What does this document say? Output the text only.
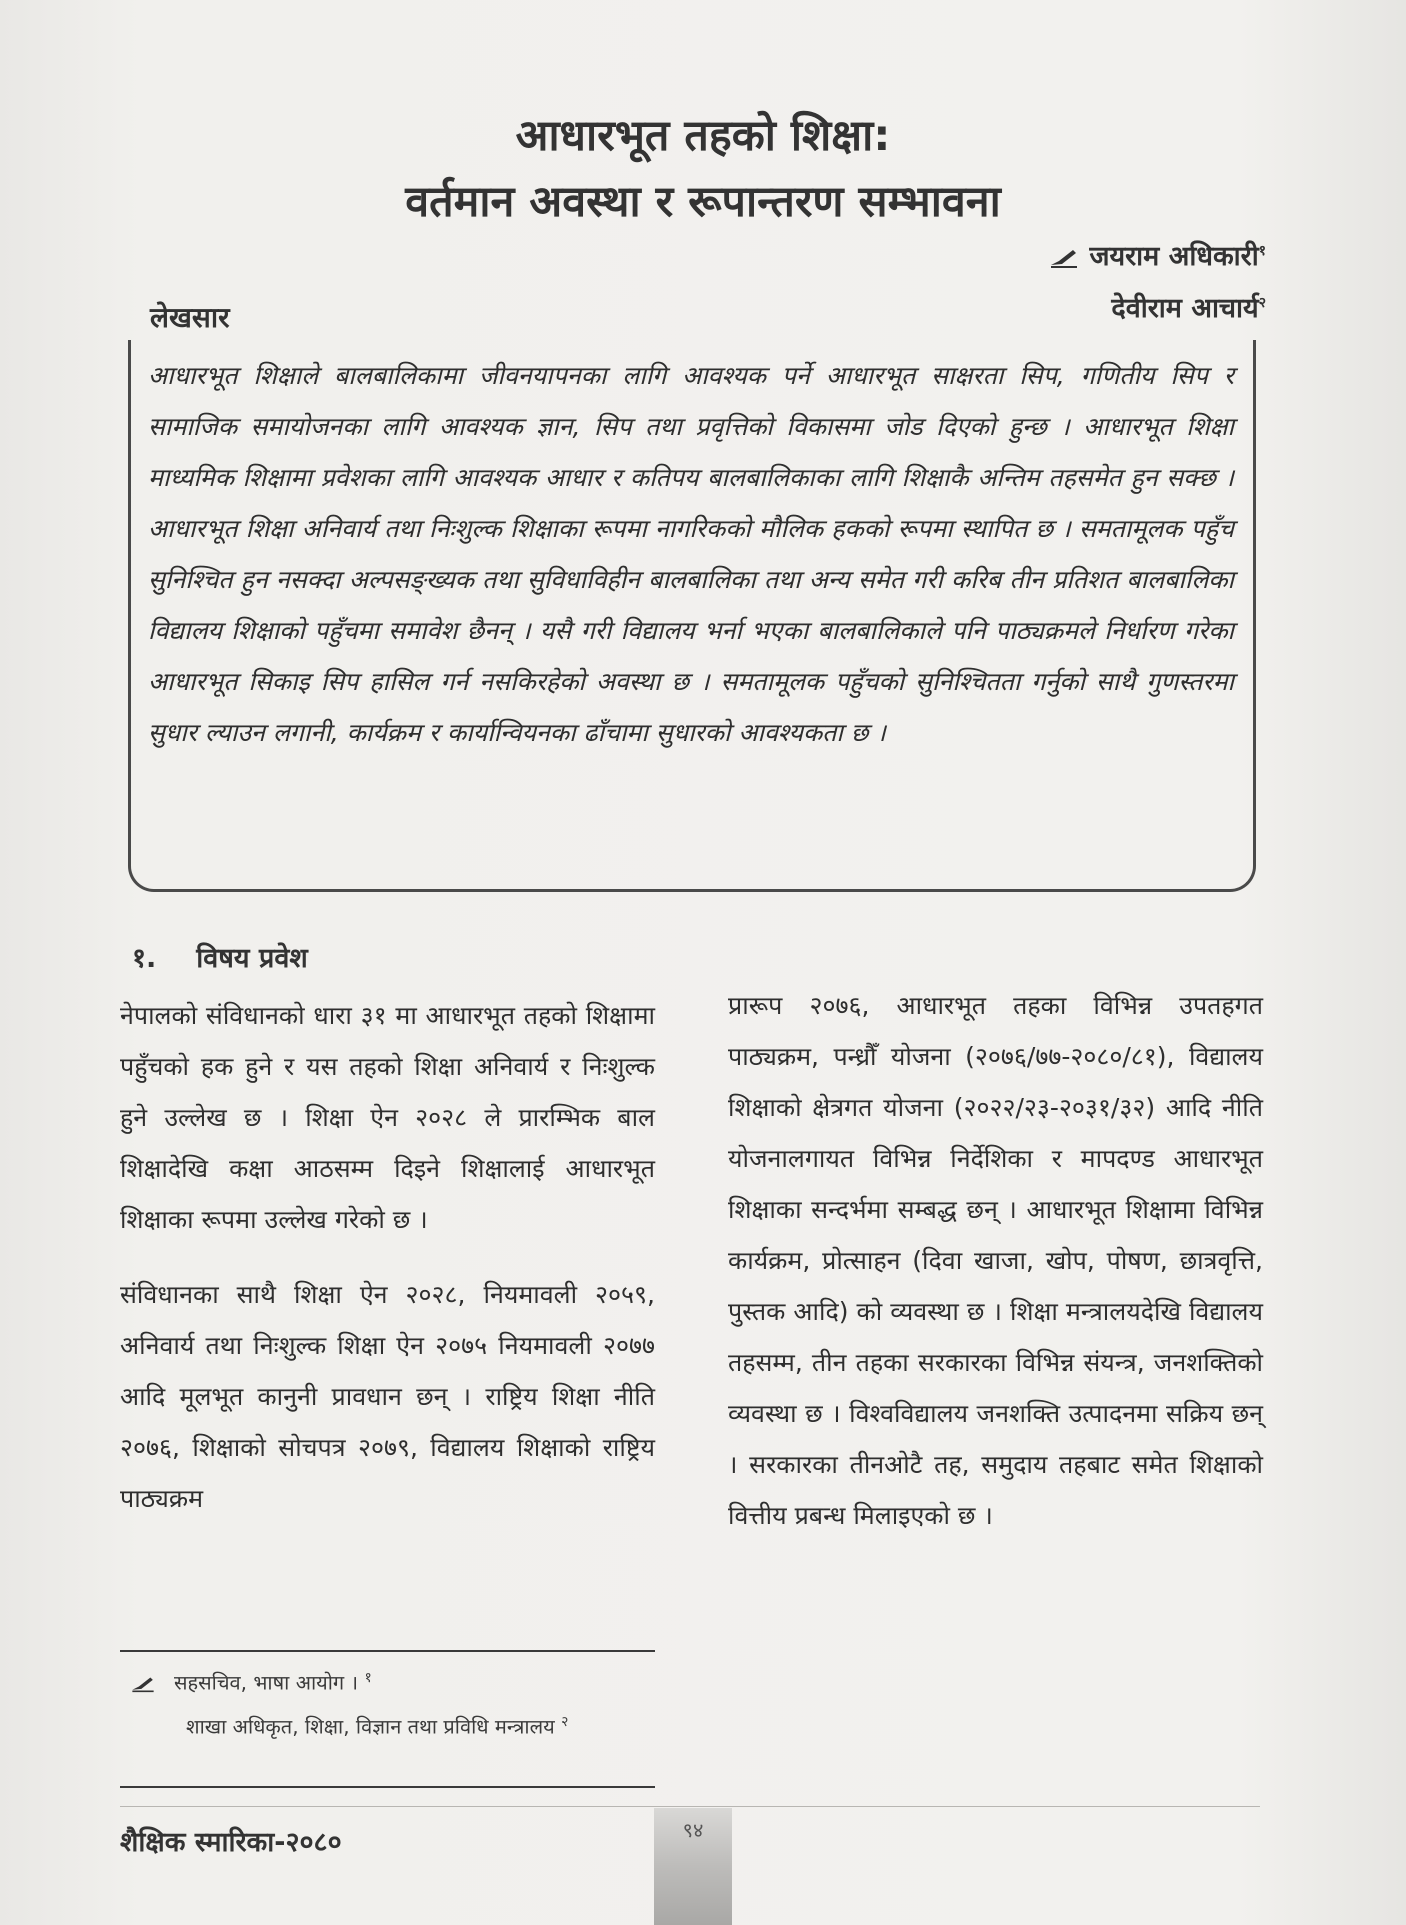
आधारभूत तहको शिक्षा:
वर्तमान अवस्था र रूपान्तरण सम्भावना
जयराम अधिकारी$^१$
देवीराम आचार्य$^२$
लेखसार
आधारभूत शिक्षाले बालबालिकामा जीवनयापनका लागि आवश्यक पर्ने आधारभूत साक्षरता सिप, गणितीय सिप र सामाजिक समायोजनका लागि आवश्यक ज्ञान, सिप तथा प्रवृत्तिको विकासमा जोड दिएको हुन्छ । आधारभूत शिक्षा माध्यमिक शिक्षामा प्रवेशका लागि आवश्यक आधार र कतिपय बालबालिकाका लागि शिक्षाकै अन्तिम तहसमेत हुन सक्छ । आधारभूत शिक्षा अनिवार्य तथा निःशुल्क शिक्षाका रूपमा नागरिकको मौलिक हकको रूपमा स्थापित छ । समतामूलक पहुँच सुनिश्चित हुन नसक्दा अल्पसङ्ख्यक तथा सुविधाविहीन बालबालिका तथा अन्य समेत गरी करिब तीन प्रतिशत बालबालिका विद्यालय शिक्षाको पहुँचमा समावेश छैनन् । यसै गरी विद्यालय भर्ना भएका बालबालिकाले पनि पाठ्यक्रमले निर्धारण गरेका आधारभूत सिकाइ सिप हासिल गर्न नसकिरहेको अवस्था छ । समतामूलक पहुँचको सुनिश्चितता गर्नुको साथै गुणस्तरमा सुधार ल्याउन लगानी, कार्यक्रम र कार्यान्वियनका ढाँचामा सुधारको आवश्यकता छ ।
१. विषय प्रवेश

नेपालको संविधानको धारा ३१ मा आधारभूत तहको शिक्षामा पहुँचको हक हुने र यस तहको शिक्षा अनिवार्य र निःशुल्क हुने उल्लेख छ । शिक्षा ऐन २०२८ ले प्रारम्भिक बाल शिक्षादेखि कक्षा आठसम्म दिइने शिक्षालाई आधारभूत शिक्षाका रूपमा उल्लेख गरेको छ ।

संविधानका साथै शिक्षा ऐन २०२८, नियमावली २०५९, अनिवार्य तथा निःशुल्क शिक्षा ऐन २०७५ नियमावली २०७७ आदि मूलभूत कानुनी प्रावधान छन् । राष्ट्रिय शिक्षा नीति २०७६, शिक्षाको सोचपत्र २०७९, विद्यालय शिक्षाको राष्ट्रिय पाठ्यक्रम

प्रारूप २०७६, आधारभूत तहका विभिन्न उपतहगत पाठ्यक्रम, पन्ध्रौँ योजना (२०७६/७७-२०८०/८१), विद्यालय शिक्षाको क्षेत्रगत योजना (२०२२/२३-२०३१/३२) आदि नीति योजनालगायत विभिन्न निर्देशिका र मापदण्ड आधारभूत शिक्षाका सन्दर्भमा सम्बद्ध छन् । आधारभूत शिक्षामा विभिन्न कार्यक्रम, प्रोत्साहन (दिवा खाजा, खोप, पोषण, छात्रवृत्ति, पुस्तक आदि) को व्यवस्था छ । शिक्षा मन्त्रालयदेखि विद्यालय तहसम्म, तीन तहका सरकारका विभिन्न संयन्त्र, जनशक्तिको व्यवस्था छ । विश्वविद्यालय जनशक्ति उत्पादनमा सक्रिय छन् । सरकारका तीनओटै तह, समुदाय तहबाट समेत शिक्षाको वित्तीय प्रबन्ध मिलाइएको छ ।

सहसचिव, भाषा आयोग । $^१$
शाखा अधिकृत, शिक्षा, विज्ञान तथा प्रविधि मन्त्रालय $^२$
शैक्षिक स्मारिका-२०८०	९४
